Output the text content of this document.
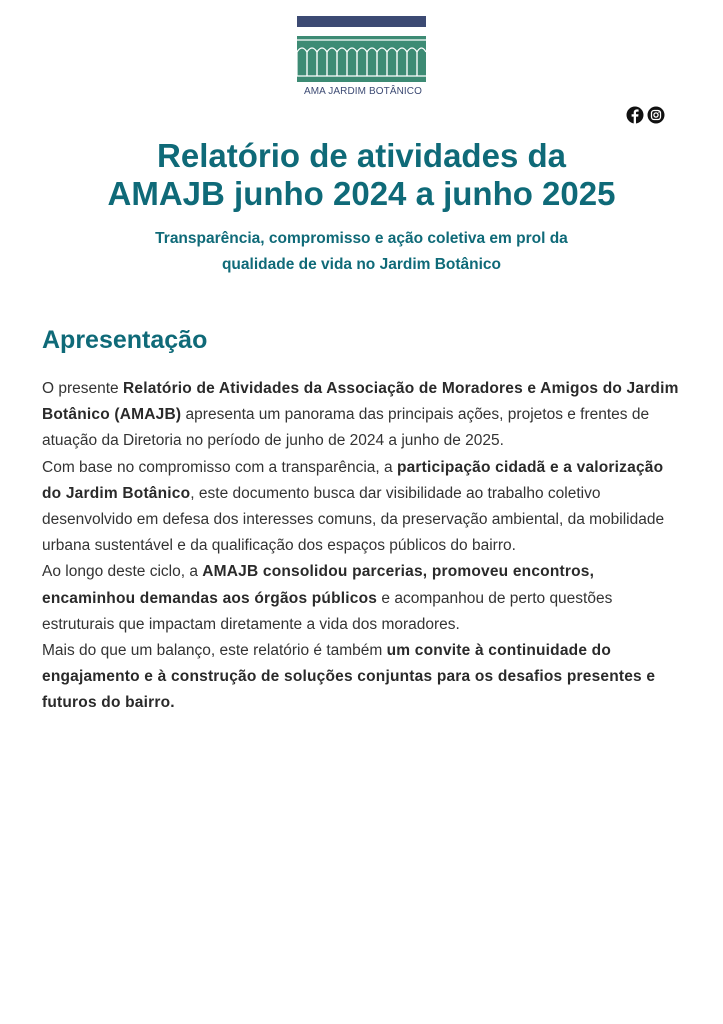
AMA JARDIM BOTÂNICO
Relatório de atividades da
AMAJB junho 2024 a junho 2025

Transparência, compromisso e ação coletiva em prol da
qualidade de vida no Jardim Botânico

Apresentação

O presente Relatório de Atividades da Associação de Moradores e Amigos do Jardim Botânico (AMAJB) apresenta um panorama das principais ações, projetos e frentes de atuação da Diretoria no período de junho de 2024 a junho de 2025.

Com base no compromisso com a transparência, a participação cidadã e a valorização do Jardim Botânico, este documento busca dar visibilidade ao trabalho coletivo desenvolvido em defesa dos interesses comuns, da preservação ambiental, da mobilidade urbana sustentável e da qualificação dos espaços públicos do bairro.

Ao longo deste ciclo, a AMAJB consolidou parcerias, promoveu encontros, encaminhou demandas aos órgãos públicos e acompanhou de perto questões estruturais que impactam diretamente a vida dos moradores.

Mais do que um balanço, este relatório é também um convite à continuidade do engajamento e à construção de soluções conjuntas para os desafios presentes e futuros do bairro.
